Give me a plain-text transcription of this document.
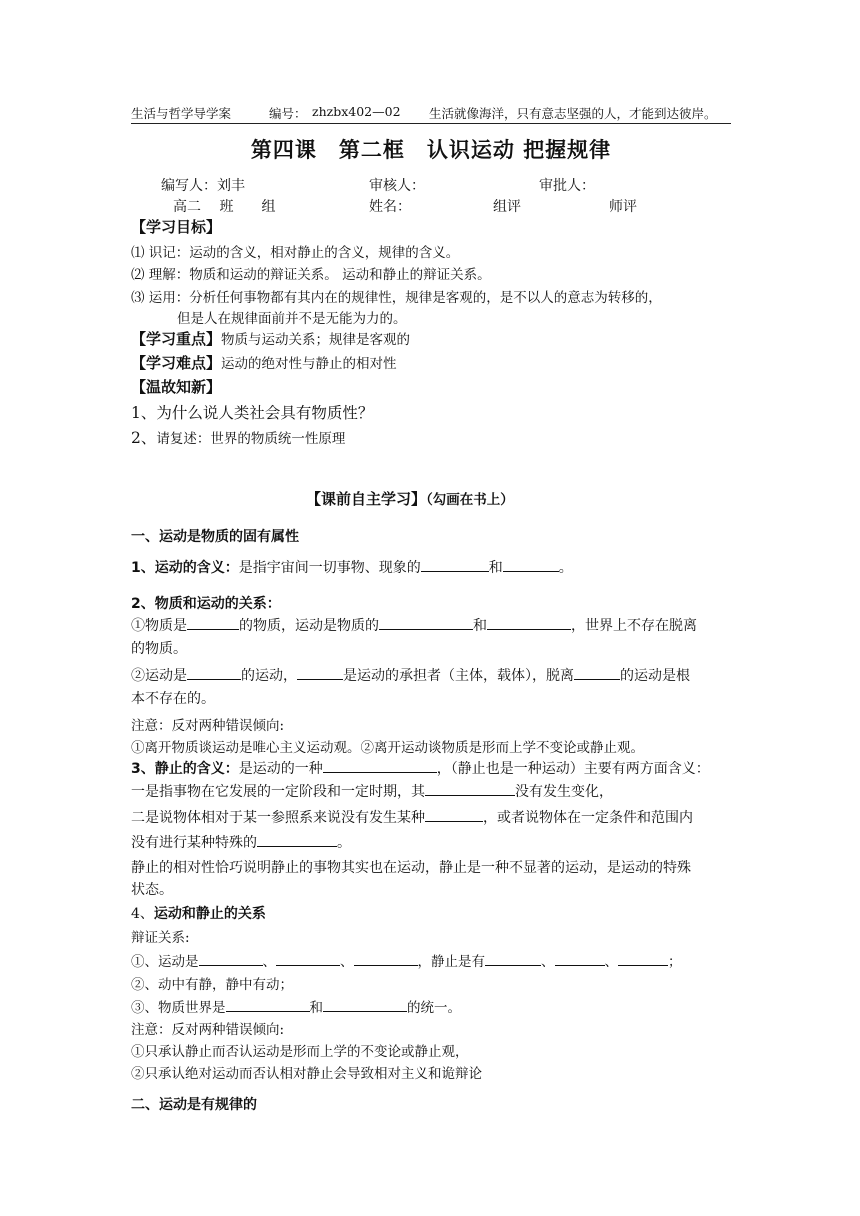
生活与哲学导学案	编号： zhzbx402—02 生活就像海洋，只有意志坚强的人，才能到达彼岸。
第四课　第二框　认识运动 把握规律
编写人：刘丰	审核人：	审批人：
高二　 班　　组	姓名：	组评	师评
【学习目标】
⑴ 识记：运动的含义，相对静止的含义，规律的含义。
⑵ 理解：物质和运动的辩证关系。 运动和静止的辩证关系。
⑶ 运用：分析任何事物都有其内在的规律性，规律是客观的，是不以人的意志为转移的，
但是人在规律面前并不是无能为力的。
【学习重点】物质与运动关系；规律是客观的
【学习难点】运动的绝对性与静止的相对性
【温故知新】
1、为什么说人类社会具有物质性？
2、请复述：世界的物质统一性原理
【课前自主学习】（勾画在书上）
一、运动是物质的固有属性
1、运动的含义：是指宇宙间一切事物、现象的	和	。
2、物质和运动的关系：
①物质是	的物质，运动是物质的	和	，世界上不存在脱离
的物质。
②运动是	的运动，	是运动的承担者（主体，载体），脱离	的运动是根
本不存在的。
注意：反对两种错误倾向:
①离开物质谈运动是唯心主义运动观。②离开运动谈物质是形而上学不变论或静止观。
3、静止的含义：是运动的一种	，（静止也是一种运动）主要有两方面含义：
一是指事物在它发展的一定阶段和一定时期，其	没有发生变化，
二是说物体相对于某一参照系来说没有发生某种	，或者说物体在一定条件和范围内
没有进行某种特殊的	。
静止的相对性恰巧说明静止的事物其实也在运动，静止是一种不显著的运动，是运动的特殊
状态。
4、运动和静止的关系
辩证关系:
①、运动是	、	、	，静止是有	、	、	；
②、动中有静，静中有动；
③、物质世界是	和	的统一。
注意：反对两种错误倾向:
①只承认静止而否认运动是形而上学的不变论或静止观，
②只承认绝对运动而否认相对静止会导致相对主义和诡辩论
二、运动是有规律的
